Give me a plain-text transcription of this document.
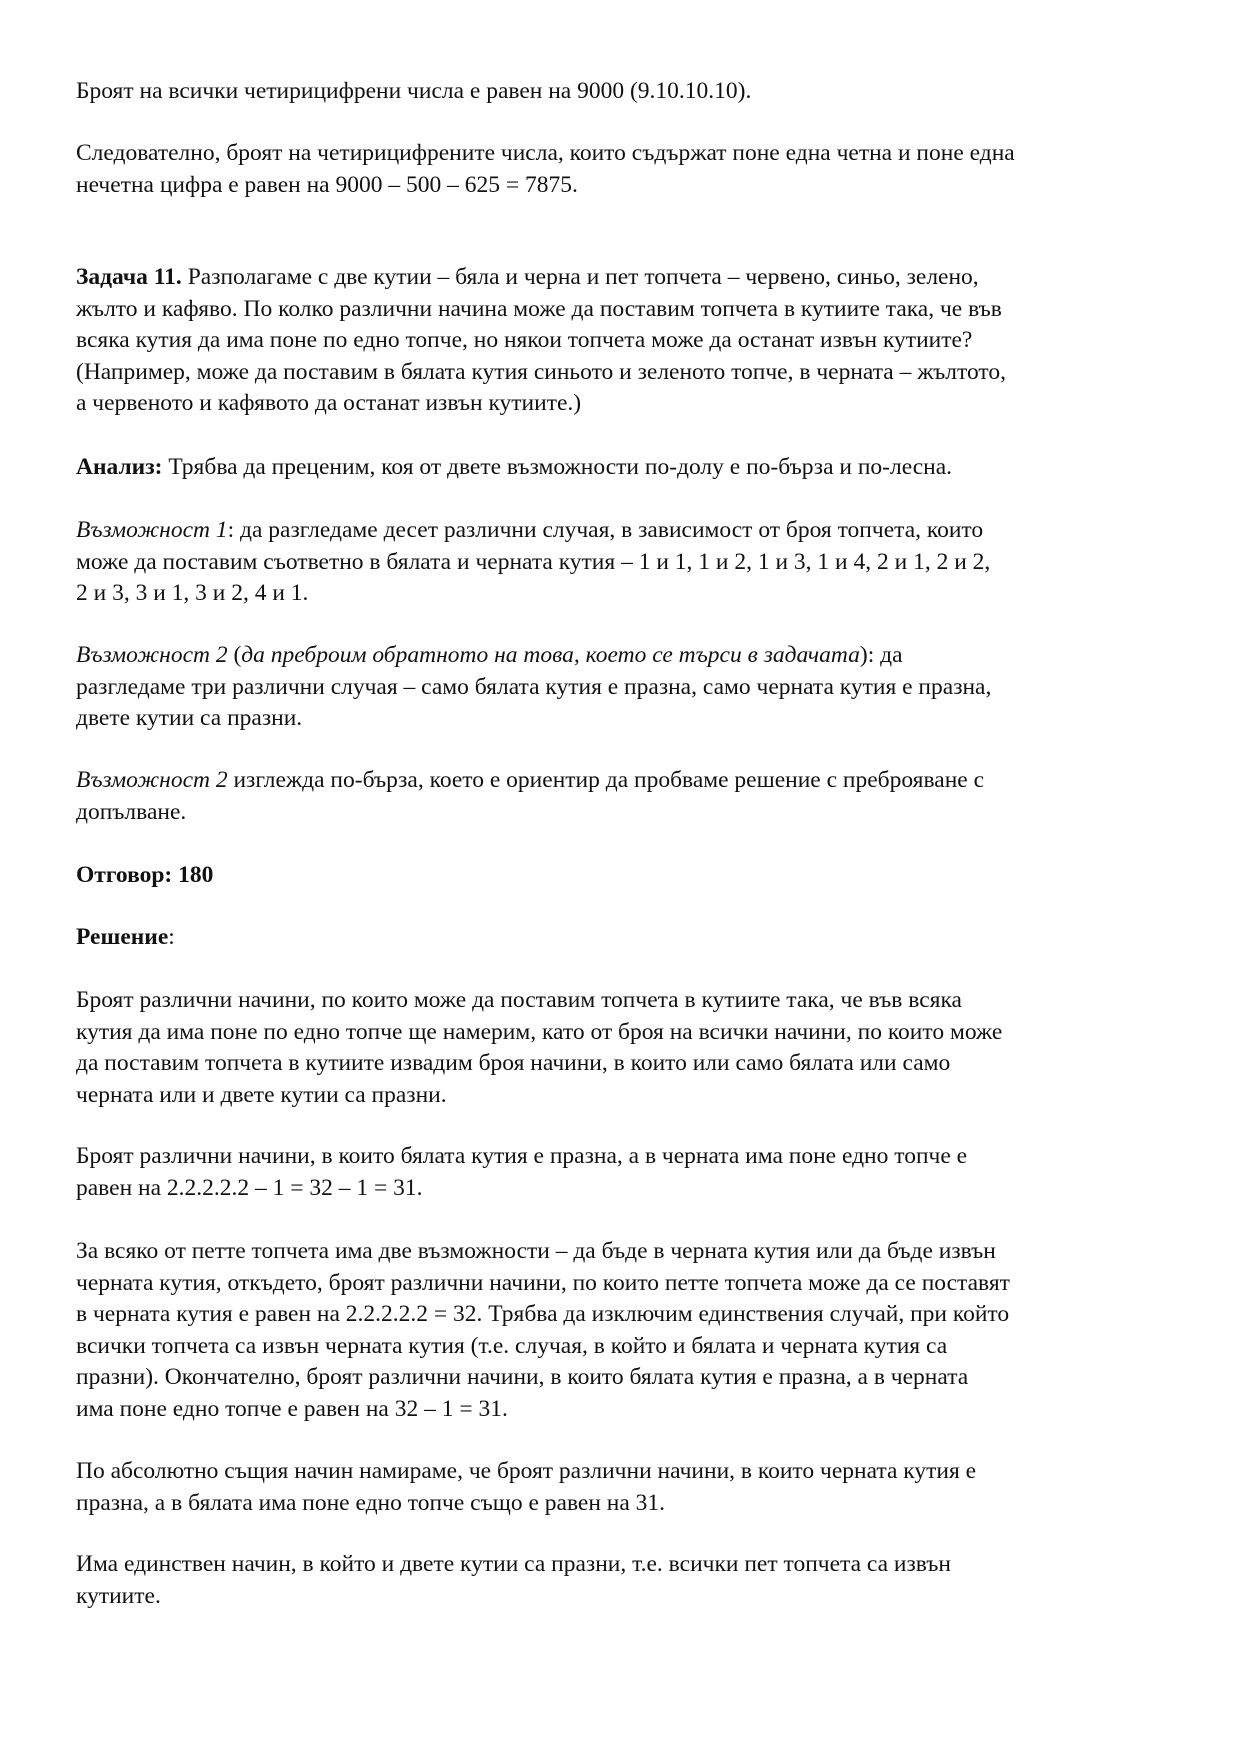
Броят на всички четирицифрени числа е равен на 9000 (9.10.10.10).
Следователно, броят на четирицифрените числа, които съдържат поне една четна и поне една
нечетна цифра е равен на 9000 – 500 – 625 = 7875.
Задача 11. Разполагаме с две кутии – бяла и черна и пет топчета – червено, синьо, зелено,
жълто и кафяво. По колко различни начина може да поставим топчета в кутиите така, че във
всяка кутия да има поне по едно топче, но някои топчета може да останат извън кутиите?
(Например, може да поставим в бялата кутия синьото и зеленото топче, в черната – жълтото,
а червеното и кафявото да останат извън кутиите.)
Анализ: Трябва да преценим, коя от двете възможности по-долу е по-бърза и по-лесна.
Възможност 1: да разгледаме десет различни случая, в зависимост от броя топчета, които
може да поставим съответно в бялата и черната кутия – 1 и 1, 1 и 2, 1 и 3, 1 и 4, 2 и 1, 2 и 2,
2 и 3, 3 и 1, 3 и 2, 4 и 1.
Възможност 2 (да преброим обратното на това, което се търси в задачата): да
разгледаме три различни случая – само бялата кутия е празна, само черната кутия е празна,
двете кутии са празни.
Възможност 2 изглежда по-бърза, което е ориентир да пробваме решение с преброяване с
допълване.
Отговор: 180
Решение:
Броят различни начини, по които може да поставим топчета в кутиите така, че във всяка
кутия да има поне по едно топче ще намерим, като от броя на всички начини, по които може
да поставим топчета в кутиите извадим броя начини, в които или само бялата или само
черната или и двете кутии са празни.
Броят различни начини, в които бялата кутия е празна, а в черната има поне едно топче е
равен на 2.2.2.2.2 – 1 = 32 – 1 = 31.
За всяко от петте топчета има две възможности – да бъде в черната кутия или да бъде извън
черната кутия, откъдето, броят различни начини, по които петте топчета може да се поставят
в черната кутия е равен на 2.2.2.2.2 = 32. Трябва да изключим единствения случай, при който
всички топчета са извън черната кутия (т.е. случая, в който и бялата и черната кутия са
празни). Окончателно, броят различни начини, в които бялата кутия е празна, а в черната
има поне едно топче е равен на 32 – 1 = 31.
По абсолютно същия начин намираме, че броят различни начини, в които черната кутия е
празна, а в бялата има поне едно топче също е равен на 31.
Има единствен начин, в който и двете кутии са празни, т.е. всички пет топчета са извън
кутиите.
